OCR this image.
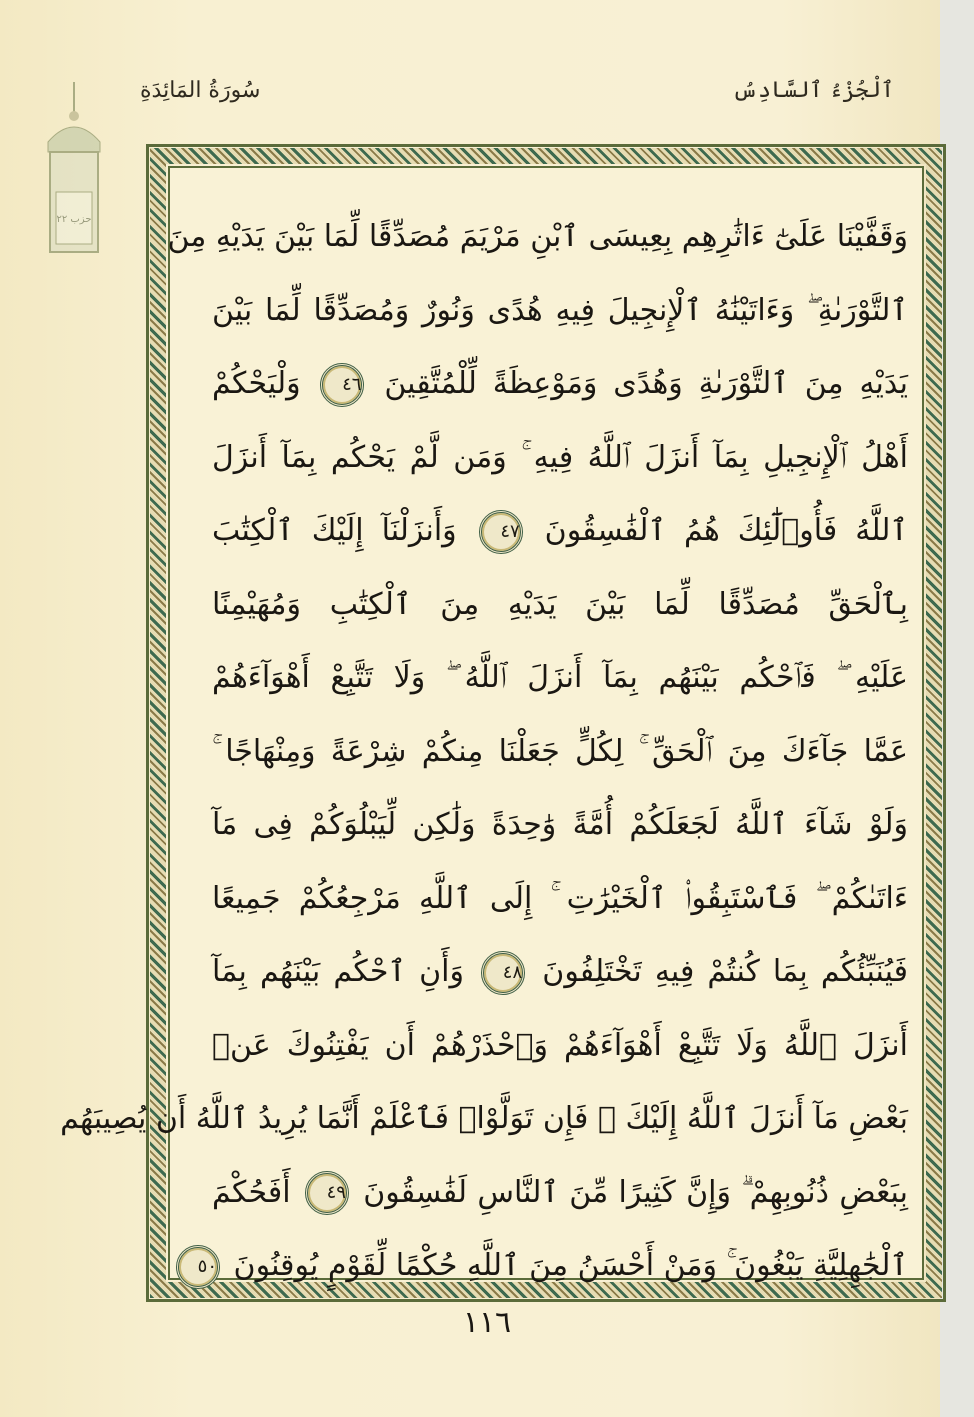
ٱلْجُزْءُ ٱلسَّادِسُ
سُورَةُ المَائِدَةِ
حزب ٢٢	وَقَفَّيْنَا عَلَىٰٓ ءَاثَٰرِهِم بِعِيسَى ٱبْنِ مَرْيَمَ مُصَدِّقًا لِّمَا بَيْنَ يَدَيْهِ مِنَ
ٱلتَّوْرَىٰةِ ۖ وَءَاتَيْنَٰهُ ٱلْإِنجِيلَ فِيهِ هُدًى وَنُورٌ وَمُصَدِّقًا لِّمَا بَيْنَ
يَدَيْهِ مِنَ ٱلتَّوْرَىٰةِ وَهُدًى وَمَوْعِظَةً لِّلْمُتَّقِينَ ٤٦ وَلْيَحْكُمْ
أَهْلُ ٱلْإِنجِيلِ بِمَآ أَنزَلَ ٱللَّهُ فِيهِ ۚ وَمَن لَّمْ يَحْكُم بِمَآ أَنزَلَ
ٱللَّهُ فَأُو۟لَٰٓئِكَ هُمُ ٱلْفَٰسِقُونَ ٤٧ وَأَنزَلْنَآ إِلَيْكَ ٱلْكِتَٰبَ
بِٱلْحَقِّ مُصَدِّقًا لِّمَا بَيْنَ يَدَيْهِ مِنَ ٱلْكِتَٰبِ وَمُهَيْمِنًا
عَلَيْهِ ۖ فَٱحْكُم بَيْنَهُم بِمَآ أَنزَلَ ٱللَّهُ ۖ وَلَا تَتَّبِعْ أَهْوَآءَهُمْ
عَمَّا جَآءَكَ مِنَ ٱلْحَقِّ ۚ لِكُلٍّ جَعَلْنَا مِنكُمْ شِرْعَةً وَمِنْهَاجًا ۚ
وَلَوْ شَآءَ ٱللَّهُ لَجَعَلَكُمْ أُمَّةً وَٰحِدَةً وَلَٰكِن لِّيَبْلُوَكُمْ فِى مَآ
ءَاتَىٰكُمْ ۖ فَٱسْتَبِقُوا۟ ٱلْخَيْرَٰتِ ۚ إِلَى ٱللَّهِ مَرْجِعُكُمْ جَمِيعًا
فَيُنَبِّئُكُم بِمَا كُنتُمْ فِيهِ تَخْتَلِفُونَ ٤٨ وَأَنِ ٱحْكُم بَيْنَهُم بِمَآ
أَنزَلَ ٱللَّهُ وَلَا تَتَّبِعْ أَهْوَآءَهُمْ وَٱحْذَرْهُمْ أَن يَفْتِنُوكَ عَنۢ
بَعْضِ مَآ أَنزَلَ ٱللَّهُ إِلَيْكَ ۖ فَإِن تَوَلَّوْا۟ فَٱعْلَمْ أَنَّمَا يُرِيدُ ٱللَّهُ أَن يُصِيبَهُم
بِبَعْضِ ذُنُوبِهِمْ ۗ وَإِنَّ كَثِيرًا مِّنَ ٱلنَّاسِ لَفَٰسِقُونَ ٤٩ أَفَحُكْمَ
ٱلْجَٰهِلِيَّةِ يَبْغُونَ ۚ وَمَنْ أَحْسَنُ مِنَ ٱللَّهِ حُكْمًا لِّقَوْمٍ يُوقِنُونَ ٥٠
١١٦
